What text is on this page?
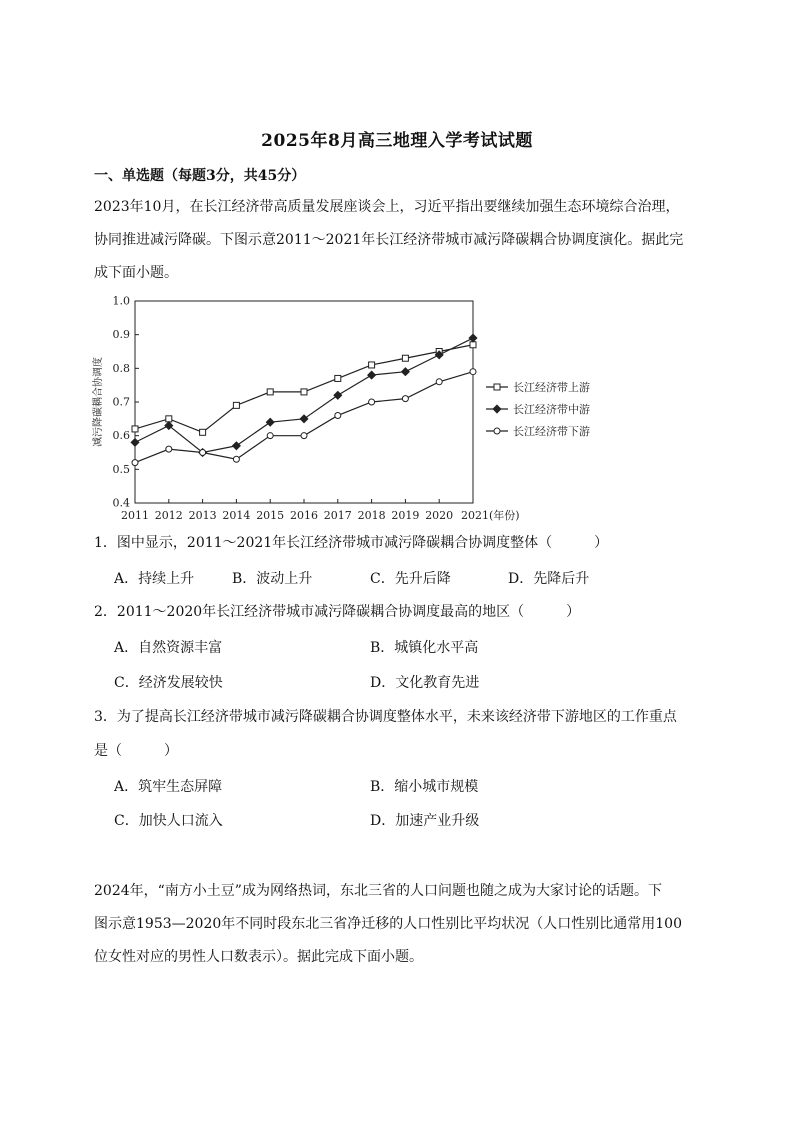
2025年8月高三地理入学考试试题
一、单选题（每题3分，共45分）
2023年10月，在长江经济带高质量发展座谈会上，习近平指出要继续加强生态环境综合治理，
协同推进减污降碳。下图示意2011～2021年长江经济带城市减污降碳耦合协调度演化。据此完
成下面小题。
0.4
0.5
0.6
0.7
0.8
0.9
1.0
2011 2012 2013 2014 2015 2016 2017 2018 2019 2020 2021(年份)
减污降碳耦合协调度	长江经济带上游
长江经济带中游
长江经济带下游
1．图中显示，2011～2021年长江经济带城市减污降碳耦合协调度整体（　　　）
A．持续上升	B．波动上升	C．先升后降	D．先降后升
2．2011～2020年长江经济带城市减污降碳耦合协调度最高的地区（　　　）
A．自然资源丰富	B．城镇化水平高
C．经济发展较快	D．文化教育先进
3．为了提高长江经济带城市减污降碳耦合协调度整体水平，未来该经济带下游地区的工作重点
是（　　　）
A．筑牢生态屏障	B．缩小城市规模
C．加快人口流入	D．加速产业升级
2024年，“南方小土豆”成为网络热词，东北三省的人口问题也随之成为大家讨论的话题。下
图示意1953—2020年不同时段东北三省净迁移的人口性别比平均状况（人口性别比通常用100
位女性对应的男性人口数表示）。据此完成下面小题。
